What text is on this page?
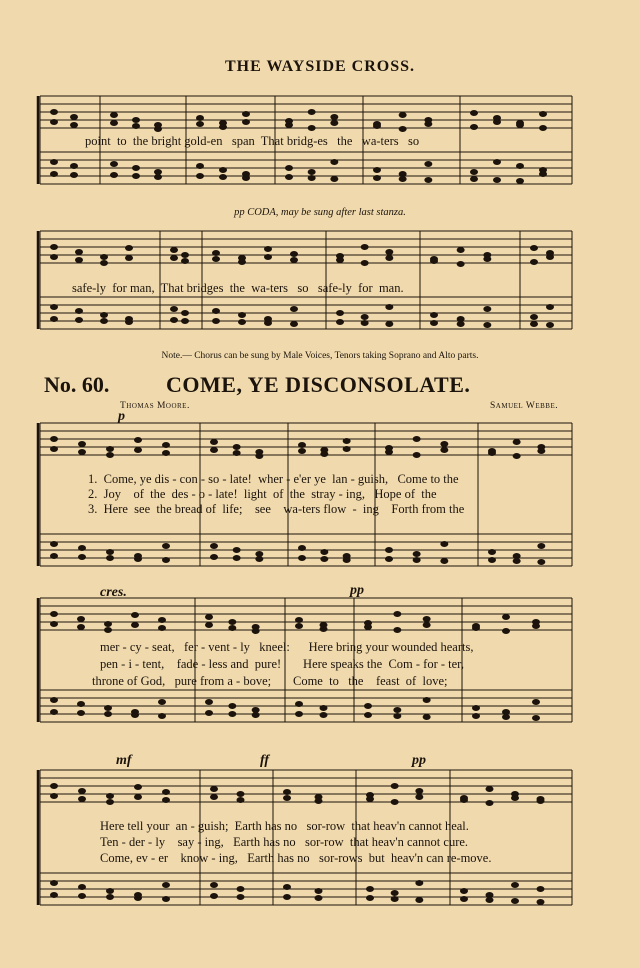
THE WAYSIDE CROSS.
point  to  the bright gold-en   span  That bridg-es   the   wa-ters   so
pp CODA, may be sung after last stanza.
safe-ly  for man,  That bridges  the  wa-ters   so   safe-ly  for  man.
Note.— Chorus can be sung by Male Voices, Tenors taking Soprano and Alto parts.
No. 60.	COME, YE DISCONSOLATE.
Thomas Moore.	Samuel Webbe.
p
1.  Come, ye dis - con - so - late!  wher - e'er ye  lan - guish,   Come to the
2.  Joy    of  the  des - o - late!  light  of  the  stray - ing,   Hope of  the
3.  Here  see  the bread of  life;    see    wa-ters flow  -  ing    Forth from the
cres.	pp
mer - cy - seat,   fer - vent - ly   kneel:      Here bring your wounded hearts,
pen - i - tent,    fade - less and  pure!       Here speaks the  Com - for - ter,
throne of God,   pure from a - bove;       Come  to   the    feast  of  love;
mf	ff	pp
Here tell your  an - guish;  Earth has no   sor-row  that heav'n cannot heal.
Ten - der - ly    say - ing,   Earth has no   sor-row  that heav'n cannot cure.
Come, ev - er    know - ing,   Earth has no   sor-rows  but  heav'n can re-move.
